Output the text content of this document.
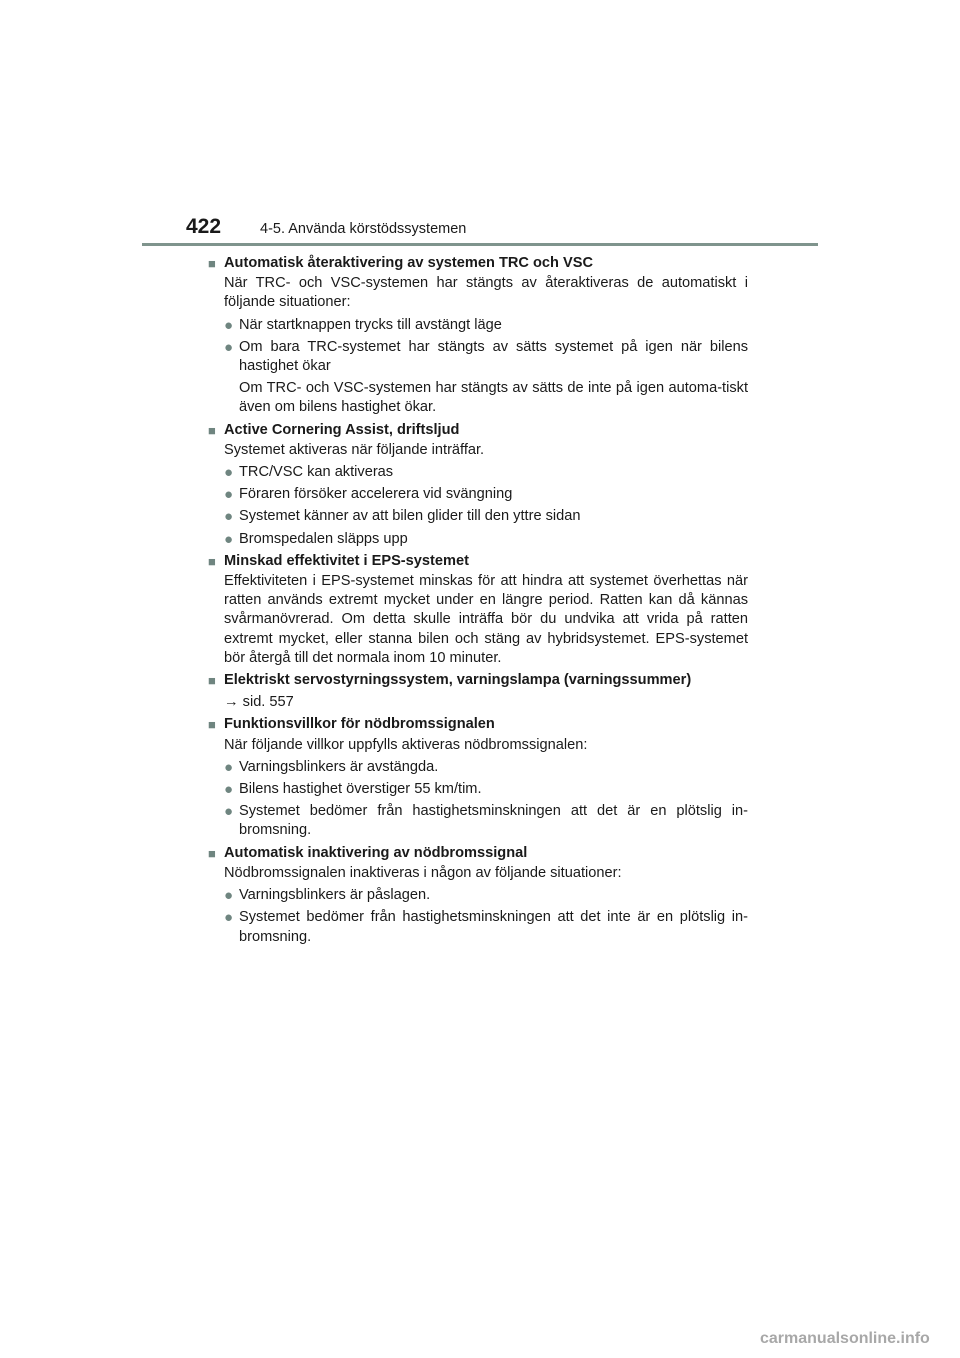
422	4-5. Använda körstödssystemen
■ Automatisk återaktivering av systemen TRC och VSC
När TRC- och VSC-systemen har stängts av återaktiveras de automatiskt i följande situationer:
● När startknappen trycks till avstängt läge
● Om bara TRC-systemet har stängts av sätts systemet på igen när bilens hastighet ökar
Om TRC- och VSC-systemen har stängts av sätts de inte på igen automa-tiskt även om bilens hastighet ökar.
■ Active Cornering Assist, driftsljud
Systemet aktiveras när följande inträffar.
● TRC/VSC kan aktiveras
● Föraren försöker accelerera vid svängning
● Systemet känner av att bilen glider till den yttre sidan
● Bromspedalen släpps upp
■ Minskad effektivitet i EPS-systemet
Effektiviteten i EPS-systemet minskas för att hindra att systemet överhettas när ratten används extremt mycket under en längre period. Ratten kan då kännas svårmanövrerad. Om detta skulle inträffa bör du undvika att vrida på ratten extremt mycket, eller stanna bilen och stäng av hybridsystemet. EPS-systemet bör återgå till det normala inom 10 minuter.
■ Elektriskt servostyrningssystem, varningslampa (varningssummer)
→ sid. 557
■ Funktionsvillkor för nödbromssignalen
När följande villkor uppfylls aktiveras nödbromssignalen:
● Varningsblinkers är avstängda.
● Bilens hastighet överstiger 55 km/tim.
● Systemet bedömer från hastighetsminskningen att det är en plötslig in-bromsning.
■ Automatisk inaktivering av nödbromssignal
Nödbromssignalen inaktiveras i någon av följande situationer:
● Varningsblinkers är påslagen.
● Systemet bedömer från hastighetsminskningen att det inte är en plötslig in-bromsning.
carmanualsonline.info
